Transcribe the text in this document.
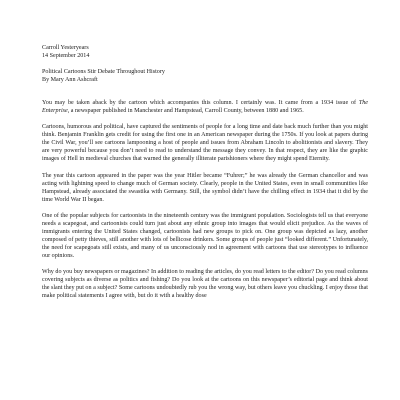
Carroll Yesteryears
14 September 2014
Political Cartoons Stir Debate Throughout History
By Mary Ann Ashcraft

You may be taken aback by the cartoon which accompanies this column. I certainly was. It came from a 1934 issue of The Enterprise, a newspaper published in Manchester and Hampstead, Carroll County, between 1880 and 1965.

Cartoons, humorous and political, have captured the sentiments of people for a long time and date back much further than you might think. Benjamin Franklin gets credit for using the first one in an American newspaper during the 1750s. If you look at papers during the Civil War, you’ll see cartoons lampooning a host of people and issues from Abraham Lincoln to abolitionists and slavery. They are very powerful because you don’t need to read to understand the message they convey. In that respect, they are like the graphic images of Hell in medieval churches that warned the generally illiterate parishioners where they might spend Eternity.

The year this cartoon appeared in the paper was the year Hitler became “Fuhrer;” he was already the German chancellor and was acting with lightning speed to change much of German society. Clearly, people in the United States, even in small communities like Hampstead, already associated the swastika with Germany. Still, the symbol didn’t have the chilling effect in 1934 that it did by the time World War II began.

One of the popular subjects for cartoonists in the nineteenth century was the immigrant population. Sociologists tell us that everyone needs a scapegoat, and cartoonists could turn just about any ethnic group into images that would elicit prejudice. As the waves of immigrants entering the United States changed, cartoonists had new groups to pick on. One group was depicted as lazy, another composed of petty thieves, still another with lots of bellicose drinkers. Some groups of people just “looked different.” Unfortunately, the need for scapegoats still exists, and many of us unconsciously nod in agreement with cartoons that use stereotypes to influence our opinions.

Why do you buy newspapers or magazines? In addition to reading the articles, do you read letters to the editor? Do you read columns covering subjects as diverse as politics and fishing? Do you look at the cartoons on this newspaper’s editorial page and think about the slant they put on a subject? Some cartoons undoubtedly rub you the wrong way, but others leave you chuckling. I enjoy those that make political statements I agree with, but do it with a healthy dose
